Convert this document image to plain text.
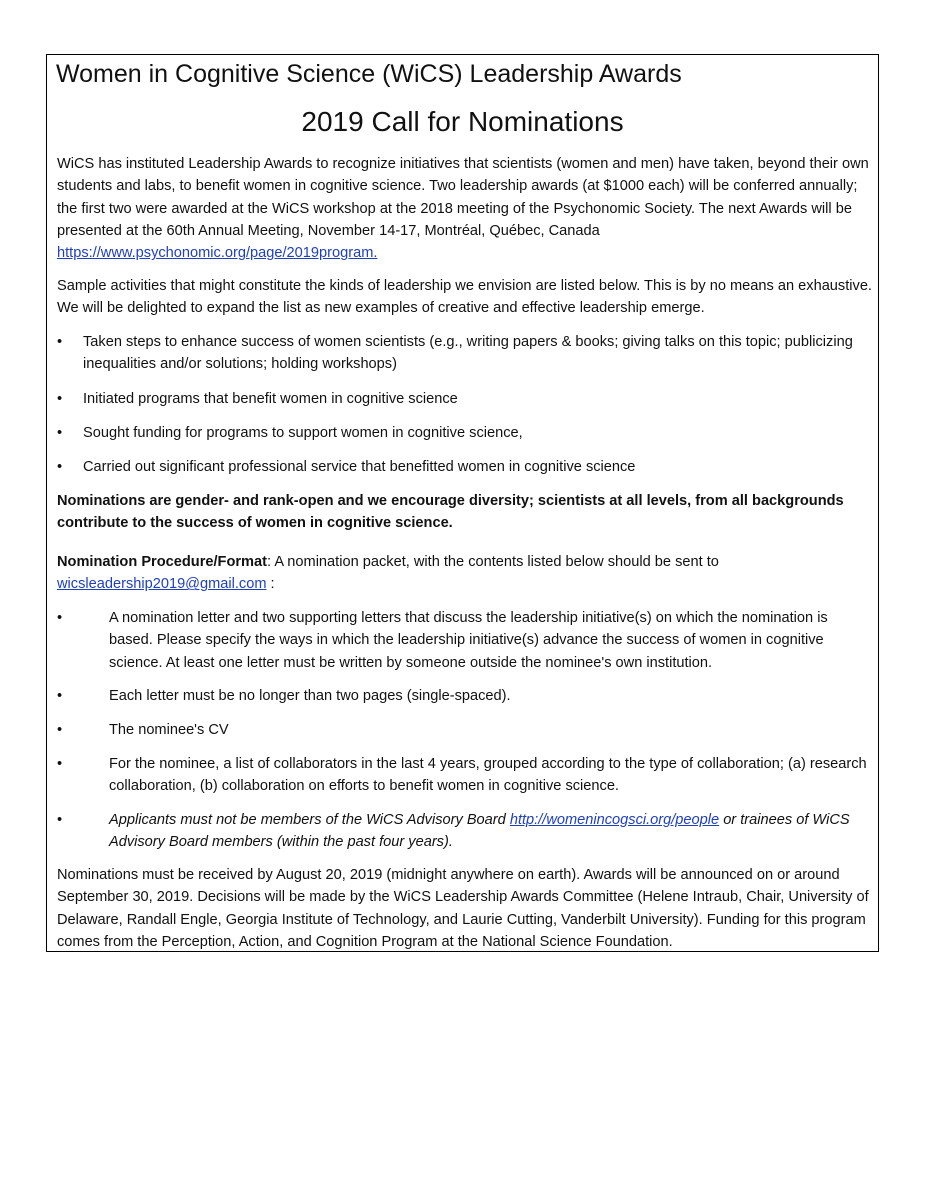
Women in Cognitive Science (WiCS) Leadership Awards
2019 Call for Nominations

WiCS has instituted Leadership Awards to recognize initiatives that scientists (women and men) have taken, beyond their own students and labs, to benefit women in cognitive science. Two leadership awards (at $1000 each) will be conferred annually; the first two were awarded at the WiCS workshop at the 2018 meeting of the Psychonomic Society. The next Awards will be presented at the 60th Annual Meeting, November 14-17, Montréal, Québec, Canada https://www.psychonomic.org/page/2019program.

Sample activities that might constitute the kinds of leadership we envision are listed below. This is by no means an exhaustive. We will be delighted to expand the list as new examples of creative and effective leadership emerge.

• Taken steps to enhance success of women scientists (e.g., writing papers & books; giving talks on this topic; publicizing inequalities and/or solutions; holding workshops)
• Initiated programs that benefit women in cognitive science
• Sought funding for programs to support women in cognitive science,
• Carried out significant professional service that benefitted women in cognitive science

Nominations are gender- and rank-open and we encourage diversity; scientists at all levels, from all backgrounds contribute to the success of women in cognitive science.

Nomination Procedure/Format: A nomination packet, with the contents listed below should be sent to
wicsleadership2019@gmail.com :

•	A nomination letter and two supporting letters that discuss the leadership initiative(s) on which the nomination is based. Please specify the ways in which the leadership initiative(s) advance the success of women in cognitive science. At least one letter must be written by someone outside the nominee's own institution.
•	Each letter must be no longer than two pages (single-spaced).
•	The nominee's CV
•	For the nominee, a list of collaborators in the last 4 years, grouped according to the type of collaboration; (a) research collaboration, (b) collaboration on efforts to benefit women in cognitive science.
•	Applicants must not be members of the WiCS Advisory Board http://womenincogsci.org/people or trainees of WiCS Advisory Board members (within the past four years).

Nominations must be received by August 20, 2019 (midnight anywhere on earth). Awards will be announced on or around September 30, 2019. Decisions will be made by the WiCS Leadership Awards Committee (Helene Intraub, Chair, University of Delaware, Randall Engle, Georgia Institute of Technology, and Laurie Cutting, Vanderbilt University). Funding for this program comes from the Perception, Action, and Cognition Program at the National Science Foundation.
